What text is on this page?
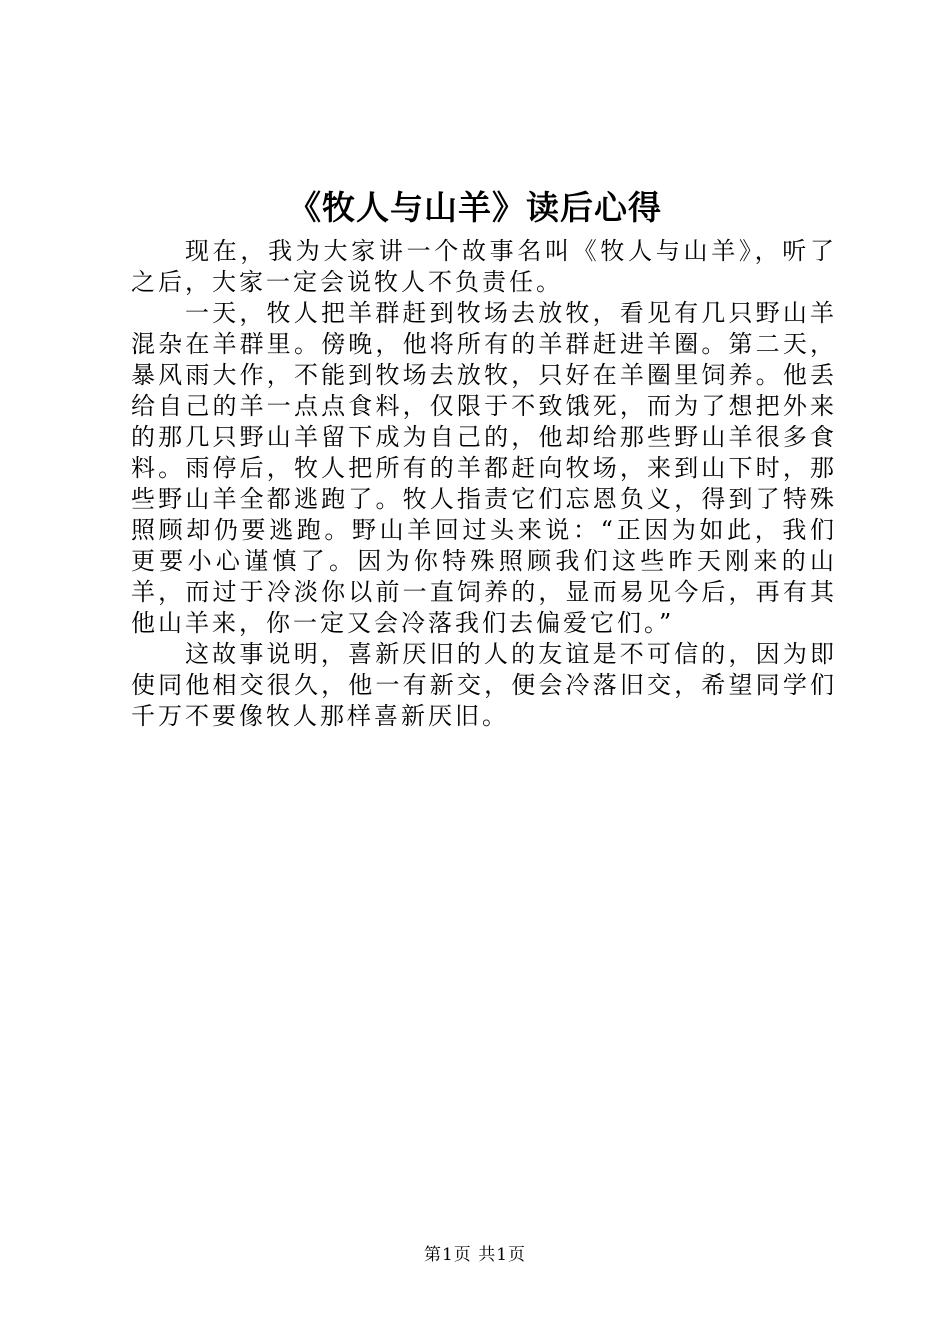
《牧人与山羊》读后心得

现在，我为大家讲一个故事名叫《牧人与山羊》，听了之后，大家一定会说牧人不负责任。

一天，牧人把羊群赶到牧场去放牧，看见有几只野山羊混杂在羊群里。傍晚，他将所有的羊群赶进羊圈。第二天，暴风雨大作，不能到牧场去放牧，只好在羊圈里饲养。他丢给自己的羊一点点食料，仅限于不致饿死，而为了想把外来的那几只野山羊留下成为自己的，他却给那些野山羊很多食料。雨停后，牧人把所有的羊都赶向牧场，来到山下时，那些野山羊全都逃跑了。牧人指责它们忘恩负义，得到了特殊照顾却仍要逃跑。野山羊回过头来说：“正因为如此，我们更要小心谨慎了。因为你特殊照顾我们这些昨天刚来的山羊，而过于冷淡你以前一直饲养的，显而易见今后，再有其他山羊来，你一定又会冷落我们去偏爱它们。”

这故事说明，喜新厌旧的人的友谊是不可信的，因为即使同他相交很久，他一有新交，便会冷落旧交，希望同学们千万不要像牧人那样喜新厌旧。

第1页 共1页
